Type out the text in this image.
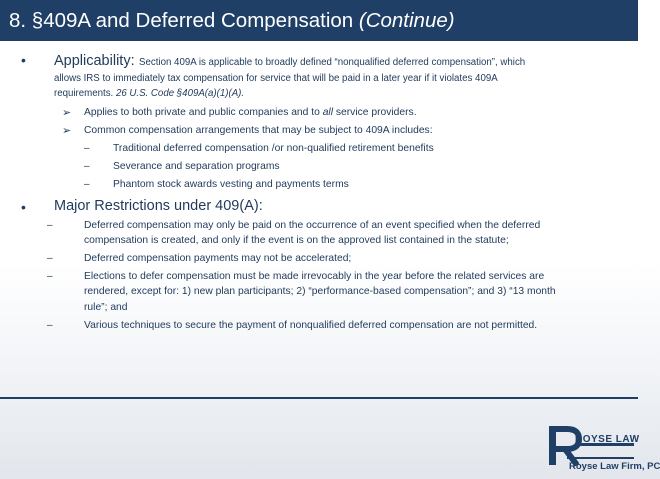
8. §409A and Deferred Compensation (Continue)
• Applicability: Section 409A is applicable to broadly defined “nonqualified deferred compensation”, which
allows IRS to immediately tax compensation for service that will be paid in a later year if it violates 409A
requirements. 26 U.S. Code §409A(a)(1)(A).
➢ Applies to both private and public companies and to all service providers.
➢ Common compensation arrangements that may be subject to 409A includes:
– Traditional deferred compensation /or non-qualified retirement benefits
– Severance and separation programs
– Phantom stock awards vesting and payments terms
• Major Restrictions under 409(A):
–	Deferred compensation may only be paid on the occurrence of an event specified when the deferred
compensation is created, and only if the event is on the approved list contained in the statute;
–	Deferred compensation payments may not be accelerated;
–	Elections to defer compensation must be made irrevocably in the year before the related services are
rendered, except for: 1) new plan participants; 2) “performance-based compensation”; and 3) “13 month
rule”; and
–	Various techniques to secure the payment of nonqualified deferred compensation are not permitted.
ROYSE LAW
Royse Law Firm, PC
